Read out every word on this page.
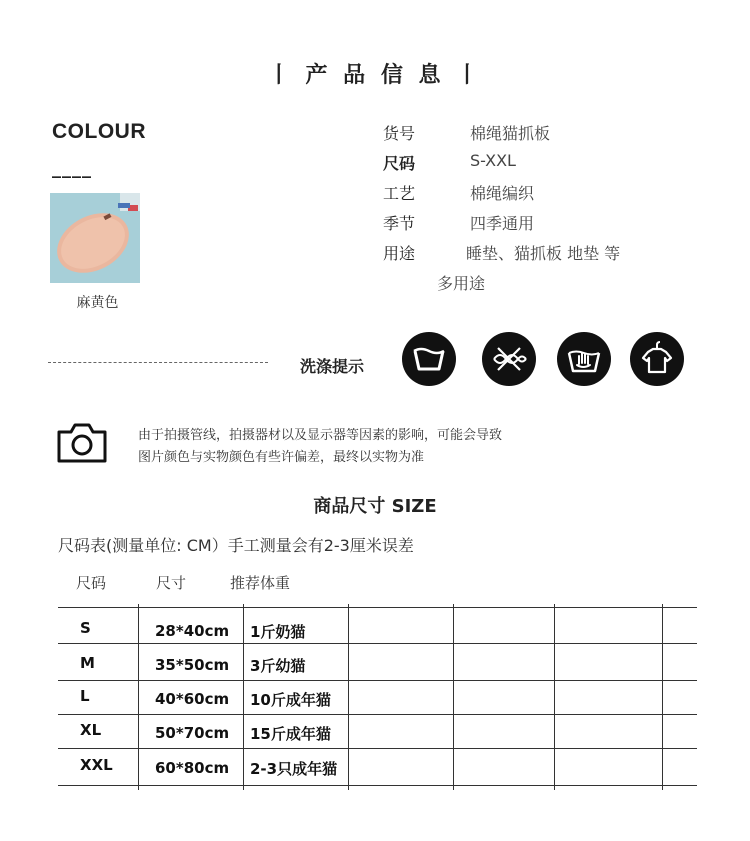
丨 产 品 信 息 丨
COLOUR
____
麻黄色
货号	棉绳猫抓板
尺码	S-XXL
工艺	棉绳编织
季节	四季通用
用途	睡垫、猫抓板 地垫 等
多用途
洗涤提示
由于拍摄管线，拍摄器材以及显示器等因素的影响，可能会导致
图片颜色与实物颜色有些许偏差，最终以实物为准
商品尺寸 SIZE
尺码表(测量单位: CM）手工测量会有2-3厘米误差
尺码	尺寸	推荐体重
S	28*40cm 1斤奶猫
M	35*50cm 3斤幼猫
L	40*60cm 10斤成年猫
XL	50*70cm 15斤成年猫
XXL	60*80cm 2-3只成年猫
